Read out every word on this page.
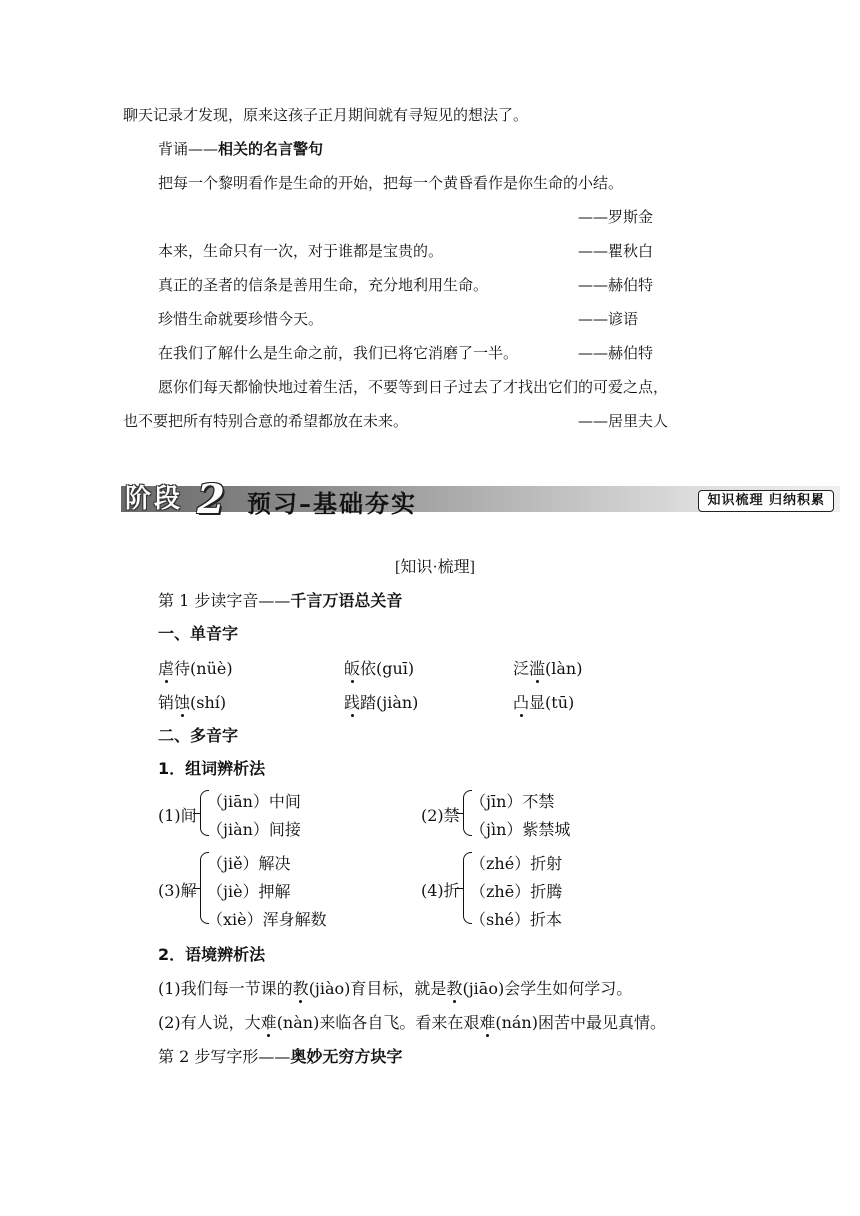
聊天记录才发现，原来这孩子正月期间就有寻短见的想法了。
背诵——相关的名言警句
把每一个黎明看作是生命的开始，把每一个黄昏看作是你生命的小结。
——罗斯金
本来，生命只有一次，对于谁都是宝贵的。	——瞿秋白
真正的圣者的信条是善用生命，充分地利用生命。	——赫伯特
珍惜生命就要珍惜今天。	——谚语
在我们了解什么是生命之前，我们已将它消磨了一半。	——赫伯特
愿你们每天都愉快地过着生活，不要等到日子过去了才找出它们的可爱之点，
也不要把所有特别合意的希望都放在未来。	——居里夫人
阶段 2 预习–基础夯实	知识梳理 归纳积累
[知识·梳理]
第 1 步读字音——千言万语总关音
一、单音字
虐待(nüè)	皈依(guī)	泛滥(làn)
销蚀(shí)	践踏(jiàn)	凸显(tū)
二、多音字
1．组词辨析法
(1)间
（jiān）中间
（jiàn）间接
(2)禁
（jīn）不禁
（jìn）紫禁城
(3)解
（jiě）解决
（jiè）押解
（xiè）浑身解数
(4)折
（zhé）折射
（zhē）折腾
（shé）折本
2．语境辨析法
(1)我们每一节课的教(jiào)育目标，就是教(jiāo)会学生如何学习。
(2)有人说，大难(nàn)来临各自飞。看来在艰难(nán)困苦中最见真情。
第 2 步写字形——奥妙无穷方块字
